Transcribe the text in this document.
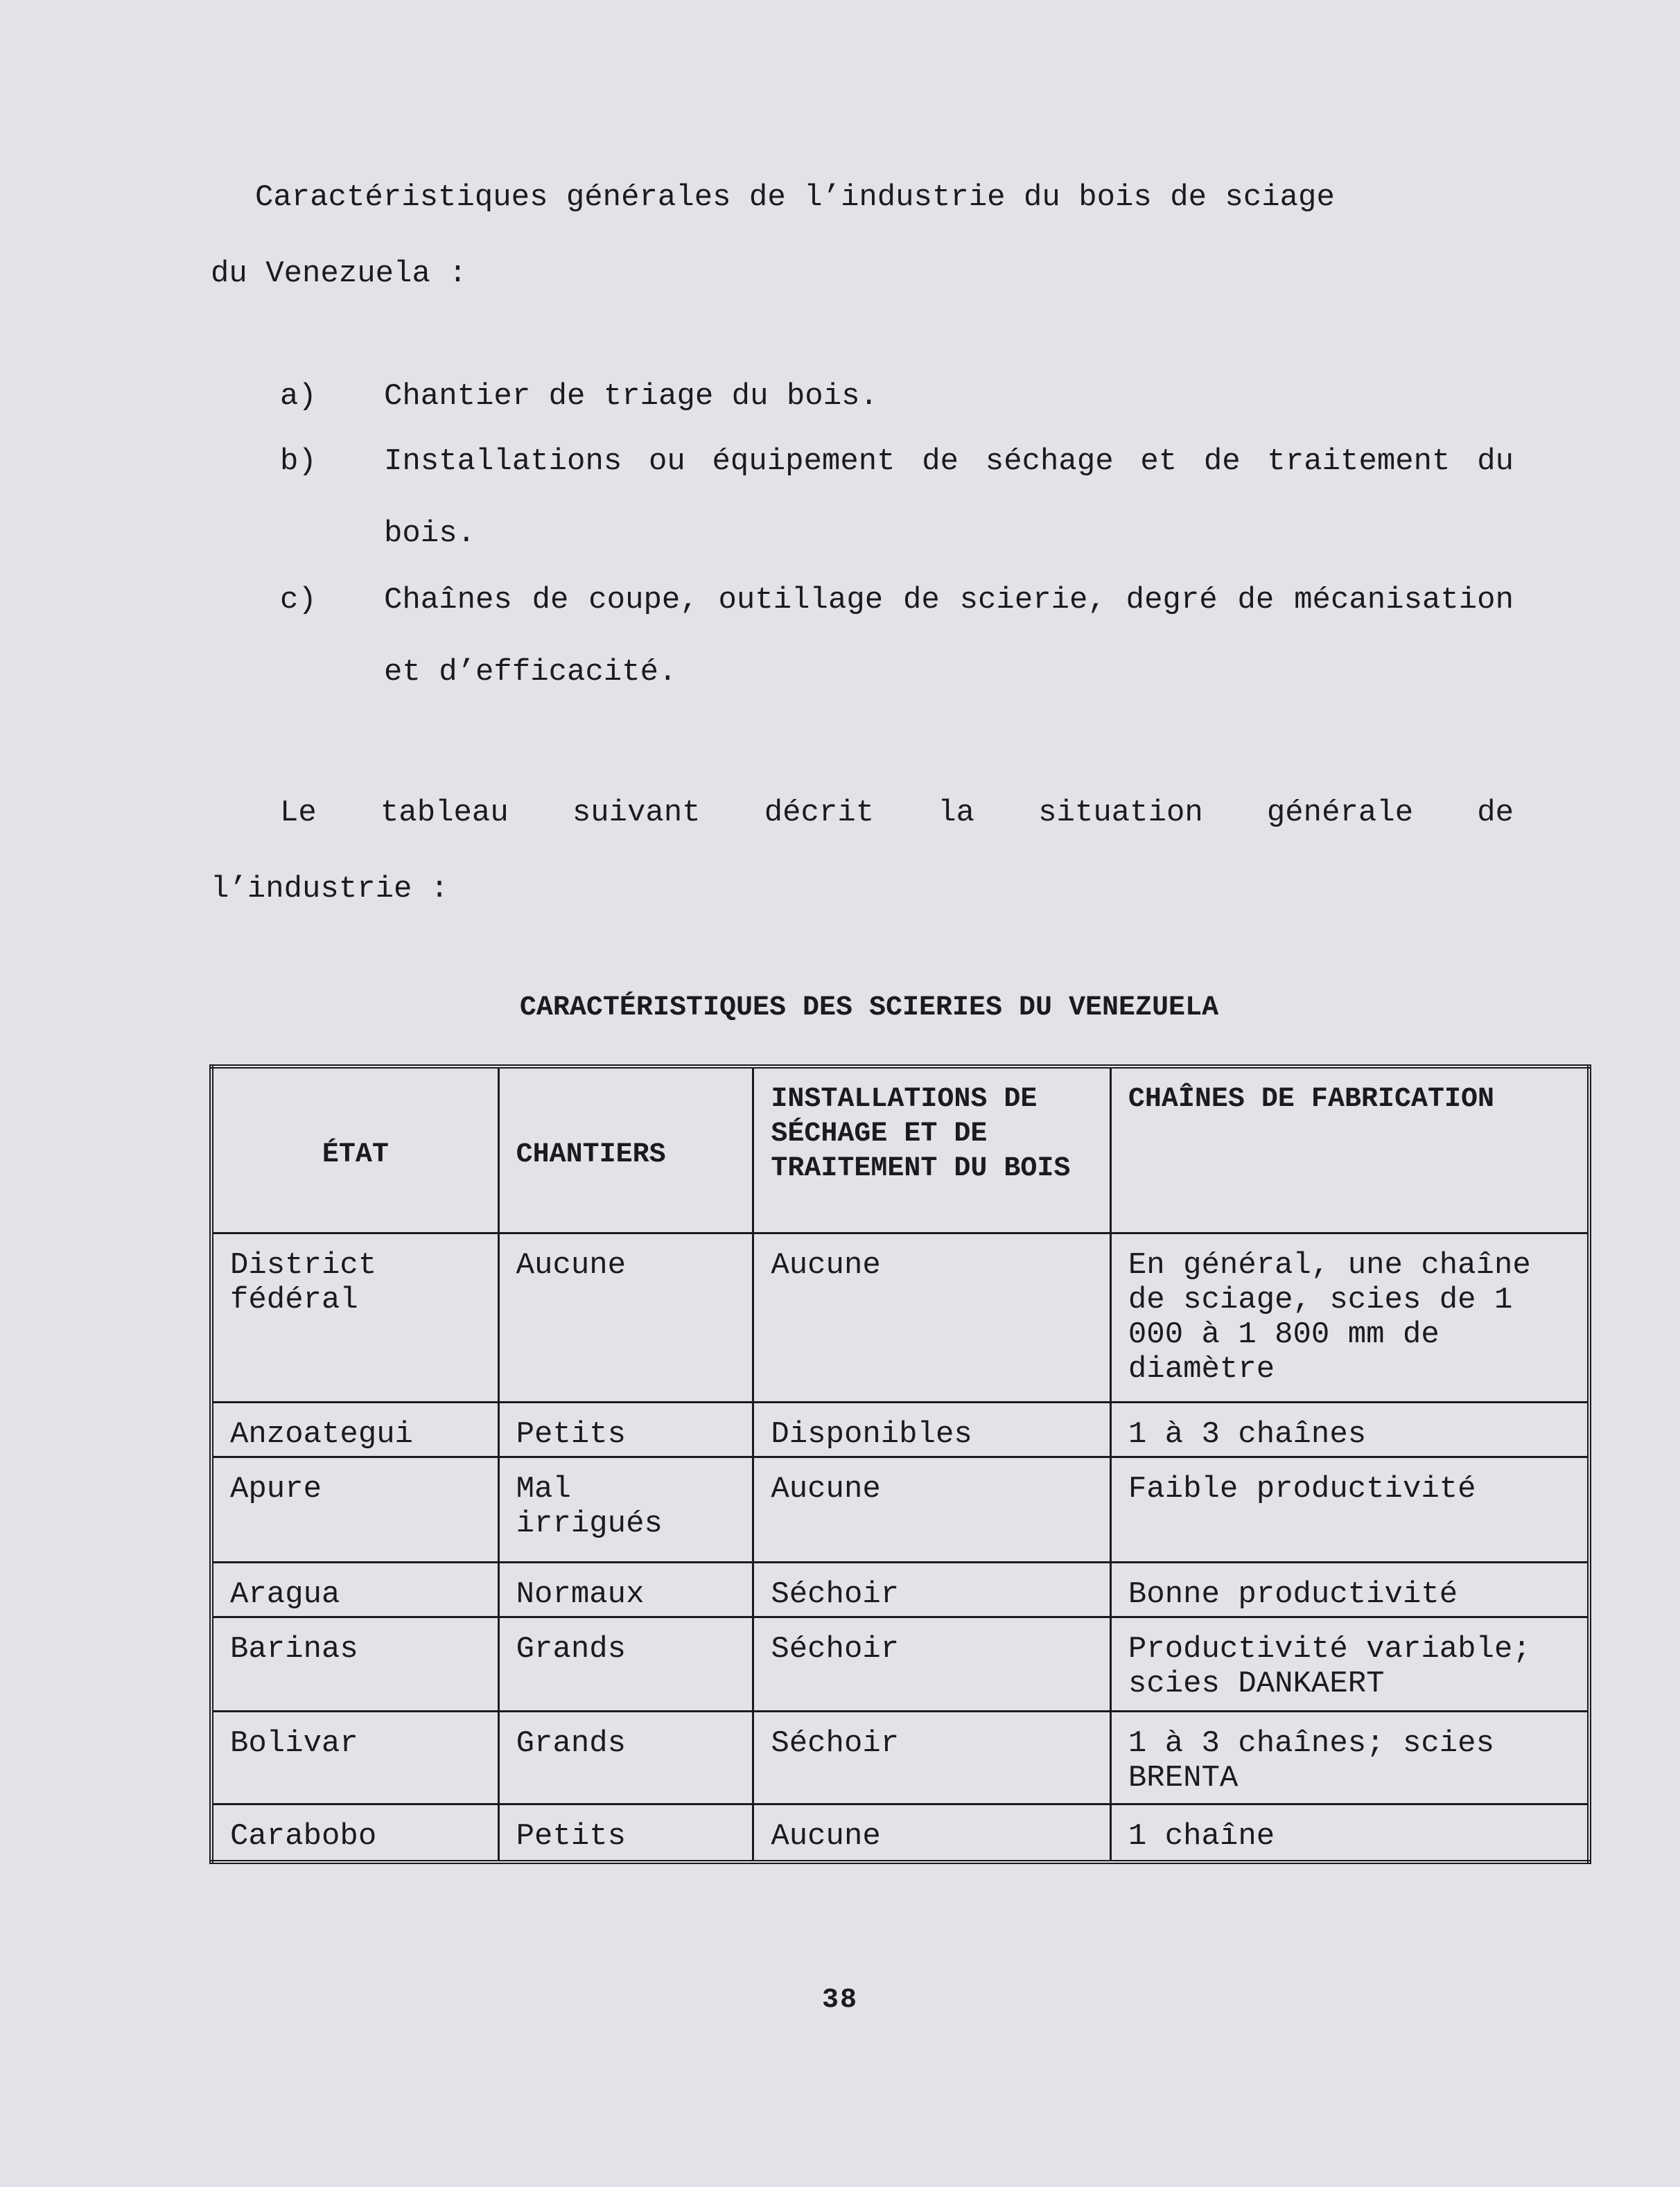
Caractéristiques générales de l’industrie du bois de sciage
du Venezuela :

a) Chantier de triage du bois.
b) Installations ou équipement de séchage et de traitement du bois.
c) Chaînes de coupe, outillage de scierie, degré de mécanisation et d’efficacité.

Le tableau suivant décrit la situation générale de
l’industrie :

CARACTÉRISTIQUES DES SCIERIES DU VENEZUELA
ÉTAT	CHANTIERS	INSTALLATIONS DE SÉCHAGE ET DE TRAITEMENT DU BOIS	CHAÎNES DE FABRICATION
District fédéral	Aucune	Aucune	En général, une chaîne de sciage, scies de 1 000 à 1 800 mm de diamètre
Anzoategui	Petits	Disponibles	1 à 3 chaînes
Apure	Mal irrigués	Aucune	Faible productivité
Aragua	Normaux	Séchoir	Bonne productivité
Barinas	Grands	Séchoir	Productivité variable; scies DANKAERT
Bolivar	Grands	Séchoir	1 à 3 chaînes; scies BRENTA
Carabobo	Petits	Aucune	1 chaîne
38
